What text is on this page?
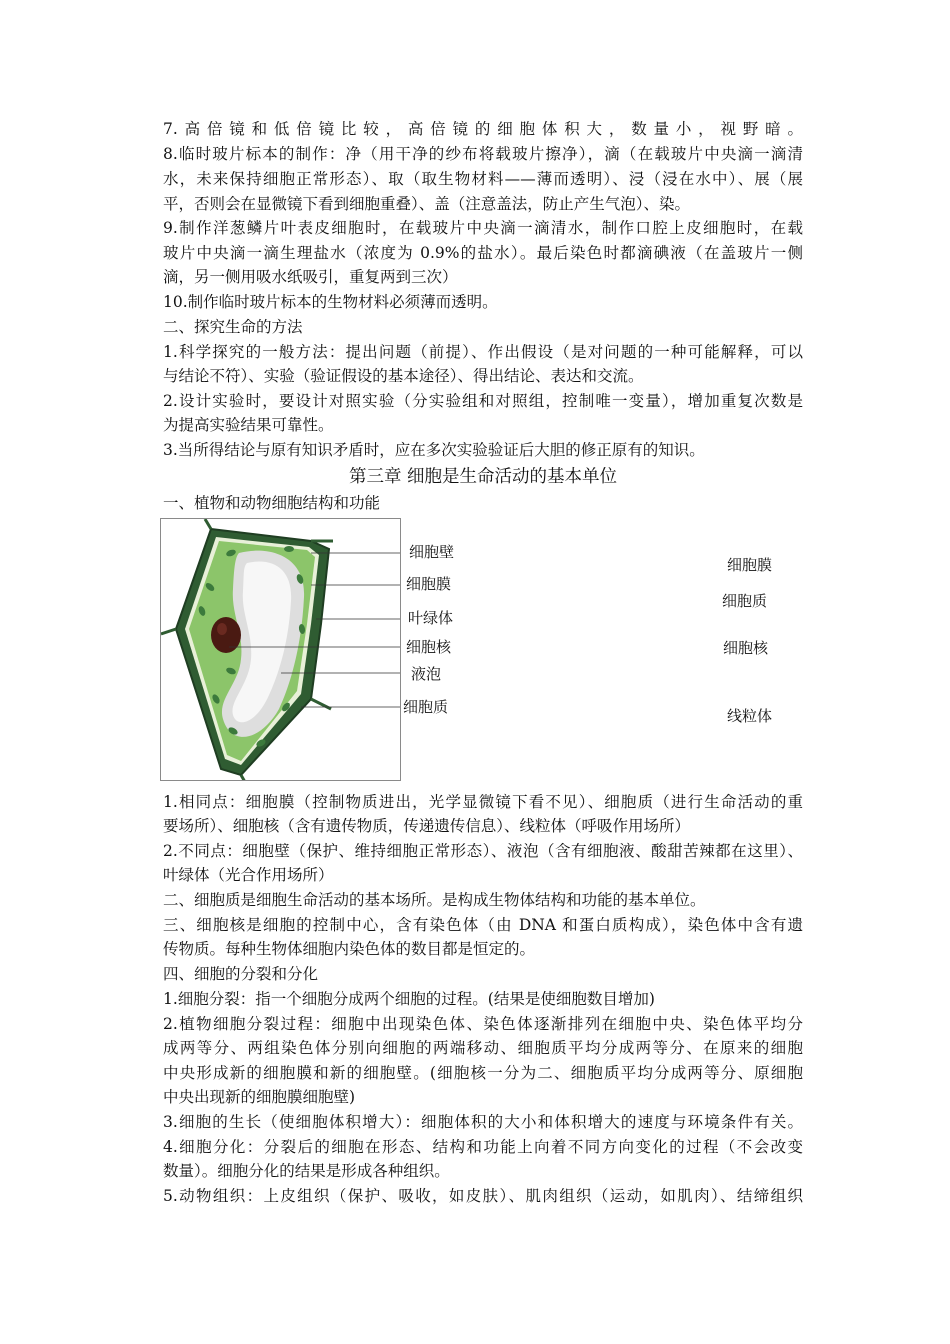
7.高倍镜和低倍镜比较，高倍镜的细胞体积大，数量小，视野暗。
8.临时玻片标本的制作：净（用干净的纱布将载玻片擦净），滴（在载玻片中央滴一滴清
水，未来保持细胞正常形态）、取（取生物材料——薄而透明）、浸（浸在水中）、展（展
平，否则会在显微镜下看到细胞重叠）、盖（注意盖法，防止产生气泡）、染。
9.制作洋葱鳞片叶表皮细胞时，在载玻片中央滴一滴清水，制作口腔上皮细胞时，在载
玻片中央滴一滴生理盐水（浓度为 0.9%的盐水）。最后染色时都滴碘液（在盖玻片一侧
滴，另一侧用吸水纸吸引，重复两到三次）
10.制作临时玻片标本的生物材料必须薄而透明。
二、探究生命的方法
1.科学探究的一般方法：提出问题（前提）、作出假设（是对问题的一种可能解释，可以
与结论不符）、实验（验证假设的基本途径）、得出结论、表达和交流。
2.设计实验时，要设计对照实验（分实验组和对照组，控制唯一变量），增加重复次数是
为提高实验结果可靠性。
3.当所得结论与原有知识矛盾时，应在多次实验验证后大胆的修正原有的知识。
第三章 细胞是生命活动的基本单位
一、植物和动物细胞结构和功能
细胞壁
细胞膜
叶绿体
细胞核
液泡
细胞质
细胞膜
细胞质
细胞核
线粒体
1.相同点：细胞膜（控制物质进出，光学显微镜下看不见）、细胞质（进行生命活动的重
要场所）、细胞核（含有遗传物质，传递遗传信息）、线粒体（呼吸作用场所）
2.不同点：细胞壁（保护、维持细胞正常形态）、液泡（含有细胞液、酸甜苦辣都在这里）、
叶绿体（光合作用场所）
二、细胞质是细胞生命活动的基本场所。是构成生物体结构和功能的基本单位。
三、细胞核是细胞的控制中心，含有染色体（由 DNA 和蛋白质构成），染色体中含有遗
传物质。每种生物体细胞内染色体的数目都是恒定的。
四、细胞的分裂和分化
1.细胞分裂：指一个细胞分成两个细胞的过程。(结果是使细胞数目增加)
2.植物细胞分裂过程：细胞中出现染色体、染色体逐渐排列在细胞中央、染色体平均分
成两等分、两组染色体分别向细胞的两端移动、细胞质平均分成两等分、在原来的细胞
中央形成新的细胞膜和新的细胞壁。(细胞核一分为二、细胞质平均分成两等分、原细胞
中央出现新的细胞膜细胞壁)
3.细胞的生长（使细胞体积增大）：细胞体积的大小和体积增大的速度与环境条件有关。
4.细胞分化：分裂后的细胞在形态、结构和功能上向着不同方向变化的过程（不会改变
数量）。细胞分化的结果是形成各种组织。
5.动物组织：上皮组织（保护、吸收，如皮肤）、肌肉组织（运动，如肌肉）、结缔组织
